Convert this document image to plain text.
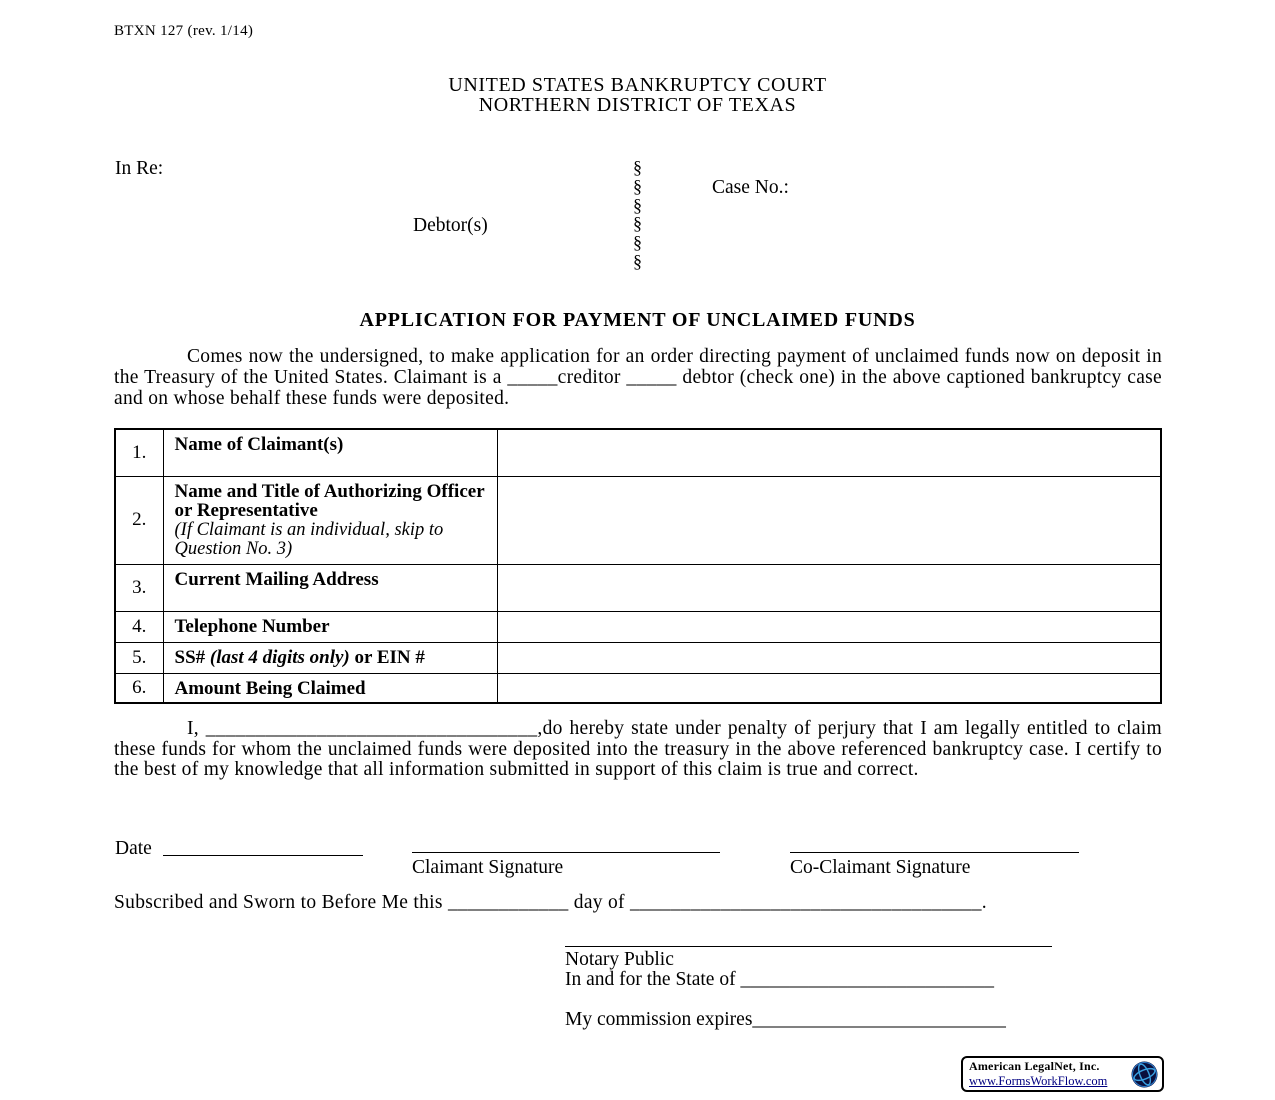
BTXN 127 (rev. 1/14)
UNITED STATES BANKRUPTCY COURT
NORTHERN DISTRICT OF TEXAS
In Re:
Debtor(s)
Case No.:
§
§
§
§
§
§
APPLICATION FOR PAYMENT OF UNCLAIMED FUNDS

Comes now the undersigned, to make application for an order directing payment of unclaimed funds now on deposit in the Treasury of the United States. Claimant is a _____creditor _____ debtor (check one) in the above captioned bankruptcy case and on whose behalf these funds were deposited.

1.	Name of Claimant(s)	
2.	Name and Title of Authorizing Officer or Representative
(If Claimant is an individual, skip to Question No. 3)	

3.	Current Mailing Address	
4.	Telephone Number	
5.	SS# (last 4 digits only) or EIN #	
6.	Amount Being Claimed	

I, _________________________________,do hereby state under penalty of perjury that I am legally entitled to claim these funds for whom the unclaimed funds were deposited into the treasury in the above referenced bankruptcy case. I certify to the best of my knowledge that all information submitted in support of this claim is true and correct.

Date
Claimant Signature	Co-Claimant Signature

Subscribed and Sworn to Before Me this ____________ day of ___________________________________.

Notary Public
In and for the State of __________________________
My commission expires__________________________
American LegalNet, Inc.
www.FormsWorkFlow.com
